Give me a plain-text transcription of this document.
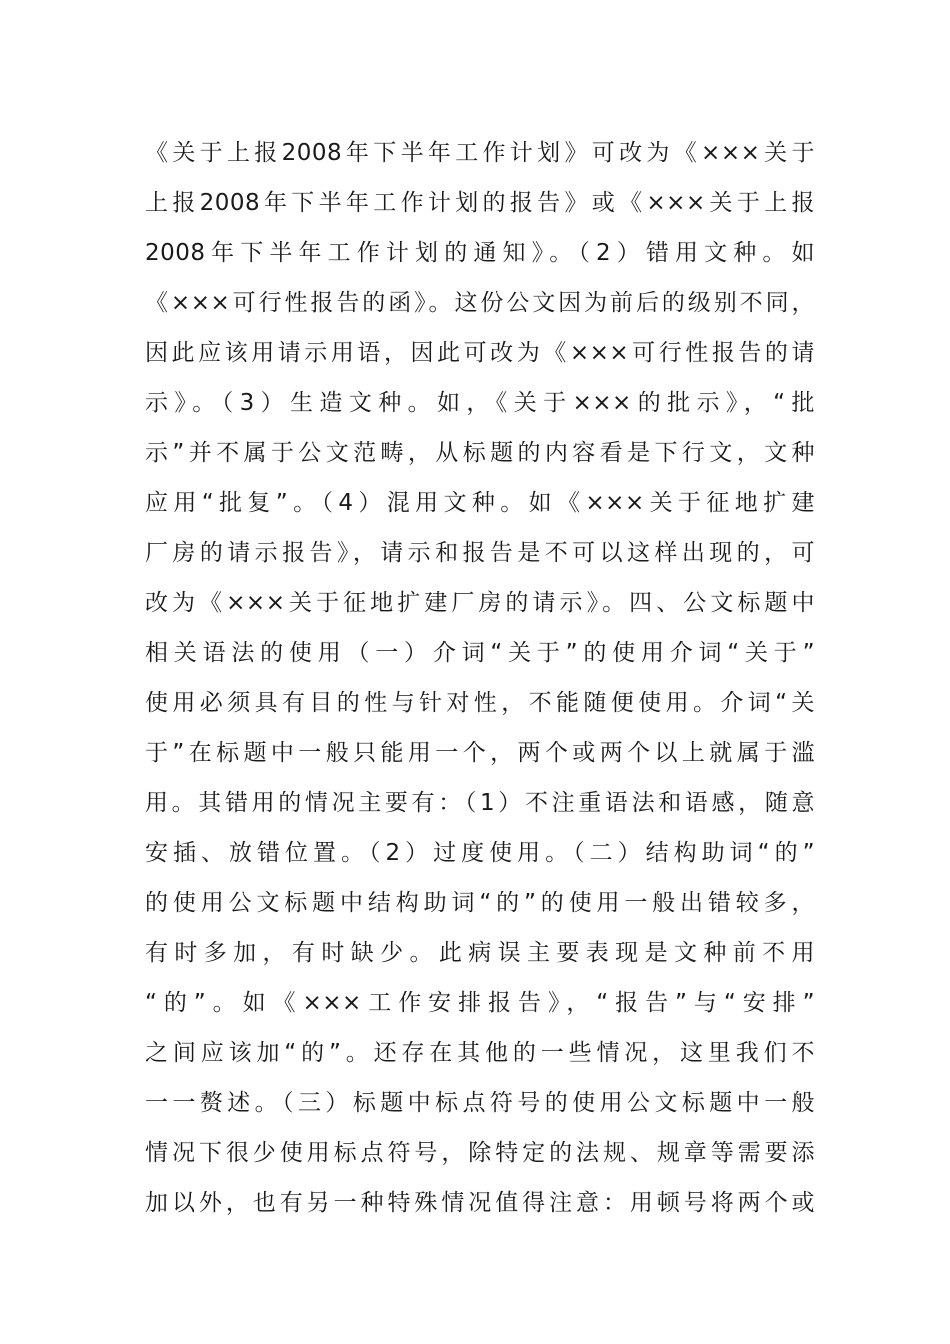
《关于上报2008年下半年工作计划》可改为《×××关于
上报2008年下半年工作计划的报告》或《×××关于上报
2008年下半年工作计划的通知》。（2）错用文种。如
《×××可行性报告的函》。这份公文因为前后的级别不同，
因此应该用请示用语，因此可改为《×××可行性报告的请
示》。（3）生造文种。如，《关于×××的批示》，“批
示”并不属于公文范畴，从标题的内容看是下行文，文种
应用“批复”。（4）混用文种。如《×××关于征地扩建
厂房的请示报告》，请示和报告是不可以这样出现的，可
改为《×××关于征地扩建厂房的请示》。四、公文标题中
相关语法的使用（一）介词“关于”的使用介词“关于”
使用必须具有目的性与针对性，不能随便使用。介词“关
于”在标题中一般只能用一个，两个或两个以上就属于滥
用。其错用的情况主要有：（1）不注重语法和语感，随意
安插、放错位置。（2）过度使用。（二）结构助词“的”
的使用公文标题中结构助词“的”的使用一般出错较多，
有时多加，有时缺少。此病误主要表现是文种前不用
“的”。如《×××工作安排报告》，“报告”与“安排”
之间应该加“的”。还存在其他的一些情况，这里我们不
一一赘述。（三）标题中标点符号的使用公文标题中一般
情况下很少使用标点符号，除特定的法规、规章等需要添
加以外，也有另一种特殊情况值得注意：用顿号将两个或
